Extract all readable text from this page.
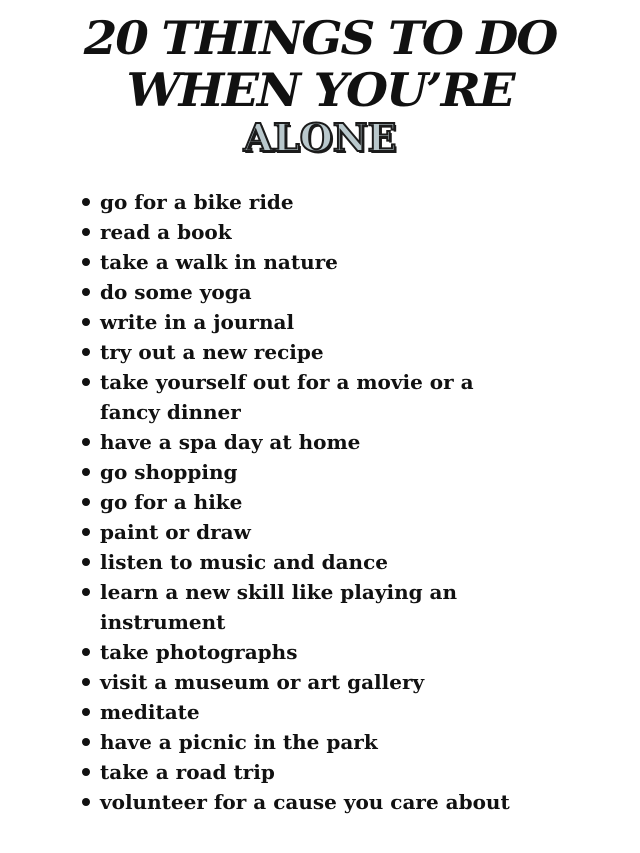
20 THINGS TO DO
WHEN YOU’RE
ALONE
go for a bike ride
read a book
take a walk in nature
do some yoga
write in a journal
try out a new recipe
take yourself out for a movie or a fancy dinner
have a spa day at home
go shopping
go for a hike
paint or draw
listen to music and dance
learn a new skill like playing an instrument
take photographs
visit a museum or art gallery
meditate
have a picnic in the park
take a road trip
volunteer for a cause you care about
